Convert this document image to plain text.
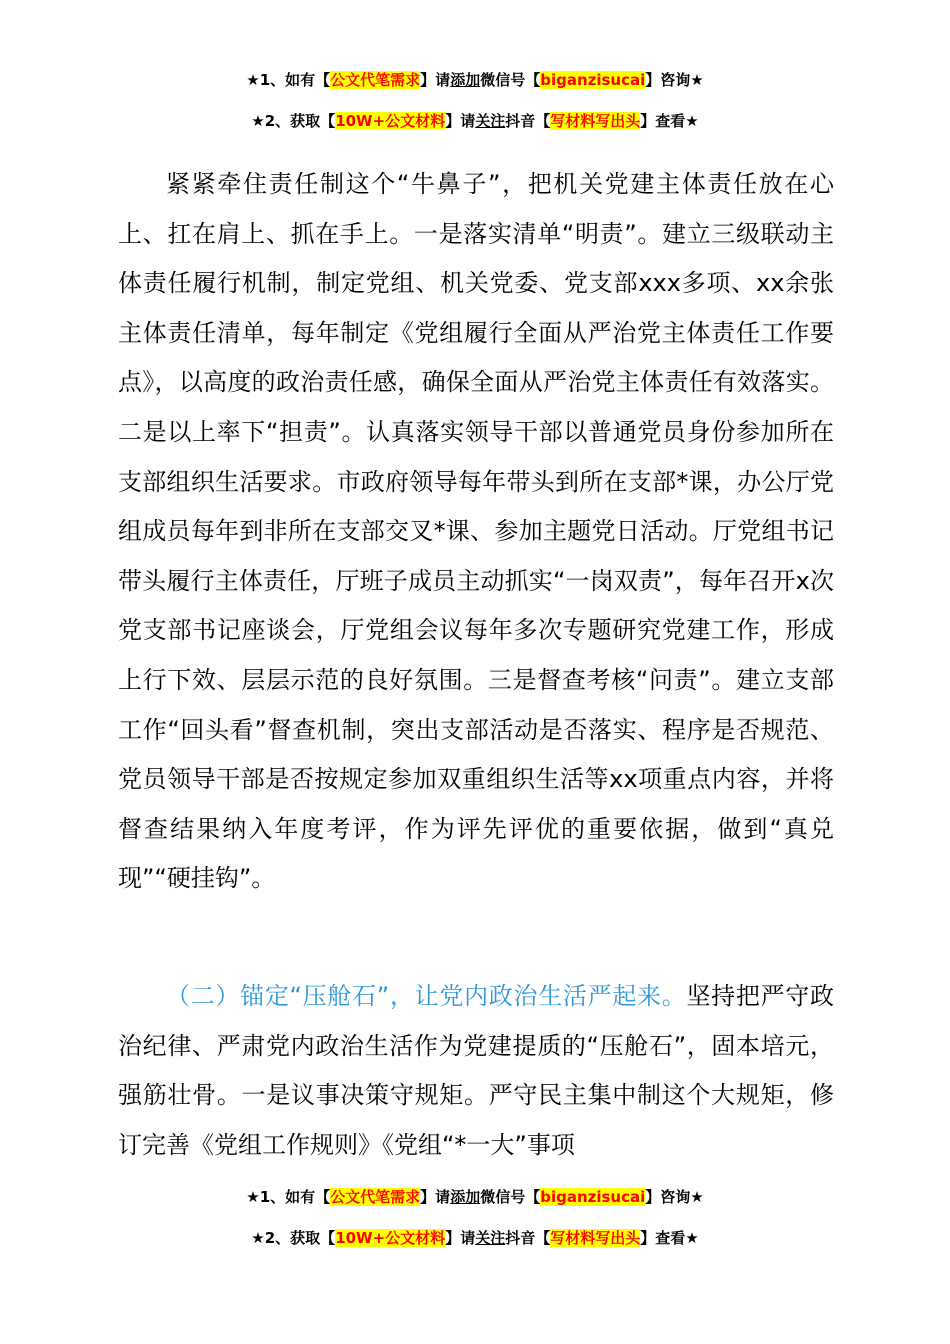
★1、如有【公文代笔需求】请添加微信号【biganzisucai】咨询★
★2、获取【10W+公文材料】请关注抖音【写材料写出头】查看★

紧紧牵住责任制这个“牛鼻子”，把机关党建主体责任放在心上、扛在肩上、抓在手上。一是落实清单“明责”。建立三级联动主体责任履行机制，制定党组、机关党委、党支部xxx多项、xx余张主体责任清单，每年制定《党组履行全面从严治党主体责任工作要点》，以高度的政治责任感，确保全面从严治党主体责任有效落实。二是以上率下“担责”。认真落实领导干部以普通党员身份参加所在支部组织生活要求。市政府领导每年带头到所在支部*课，办公厅党组成员每年到非所在支部交叉*课、参加主题党日活动。厅党组书记带头履行主体责任，厅班子成员主动抓实“一岗双责”，每年召开x次党支部书记座谈会，厅党组会议每年多次专题研究党建工作，形成上行下效、层层示范的良好氛围。三是督查考核“问责”。建立支部工作“回头看”督查机制，突出支部活动是否落实、程序是否规范、党员领导干部是否按规定参加双重组织生活等xx项重点内容，并将督查结果纳入年度考评，作为评先评优的重要依据，做到“真兑现”“硬挂钩”。

（二）锚定“压舱石”，让党内政治生活严起来。坚持把严守政治纪律、严肃党内政治生活作为党建提质的“压舱石”，固本培元，强筋壮骨。一是议事决策守规矩。严守民主集中制这个大规矩，修订完善《党组工作规则》《党组“*一大”事项

★1、如有【公文代笔需求】请添加微信号【biganzisucai】咨询★
★2、获取【10W+公文材料】请关注抖音【写材料写出头】查看★
